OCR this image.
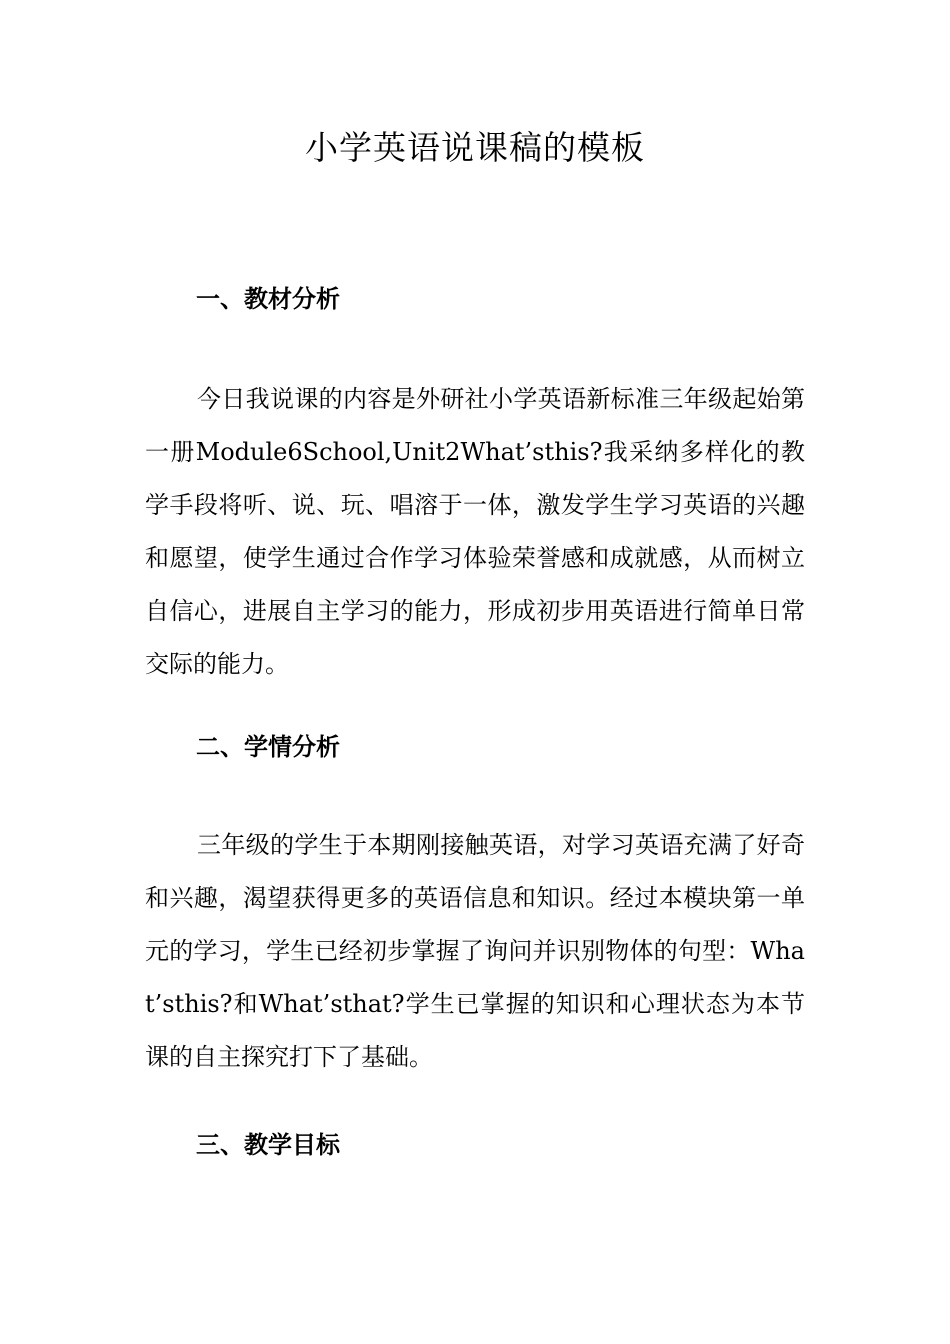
小学英语说课稿的模板
一、教材分析

今日我说课的内容是外研社小学英语新标准三年级起始第一册Module6School,Unit2What’sthis?我采纳多样化的教学手段将听、说、玩、唱溶于一体，激发学生学习英语的兴趣和愿望，使学生通过合作学习体验荣誉感和成就感，从而树立自信心，进展自主学习的能力，形成初步用英语进行简单日常交际的能力。

二、学情分析

三年级的学生于本期刚接触英语，对学习英语充满了好奇和兴趣，渴望获得更多的英语信息和知识。经过本模块第一单元的学习，学生已经初步掌握了询问并识别物体的句型：What’sthis?和What’sthat?学生已掌握的知识和心理状态为本节课的自主探究打下了基础。

三、教学目标
